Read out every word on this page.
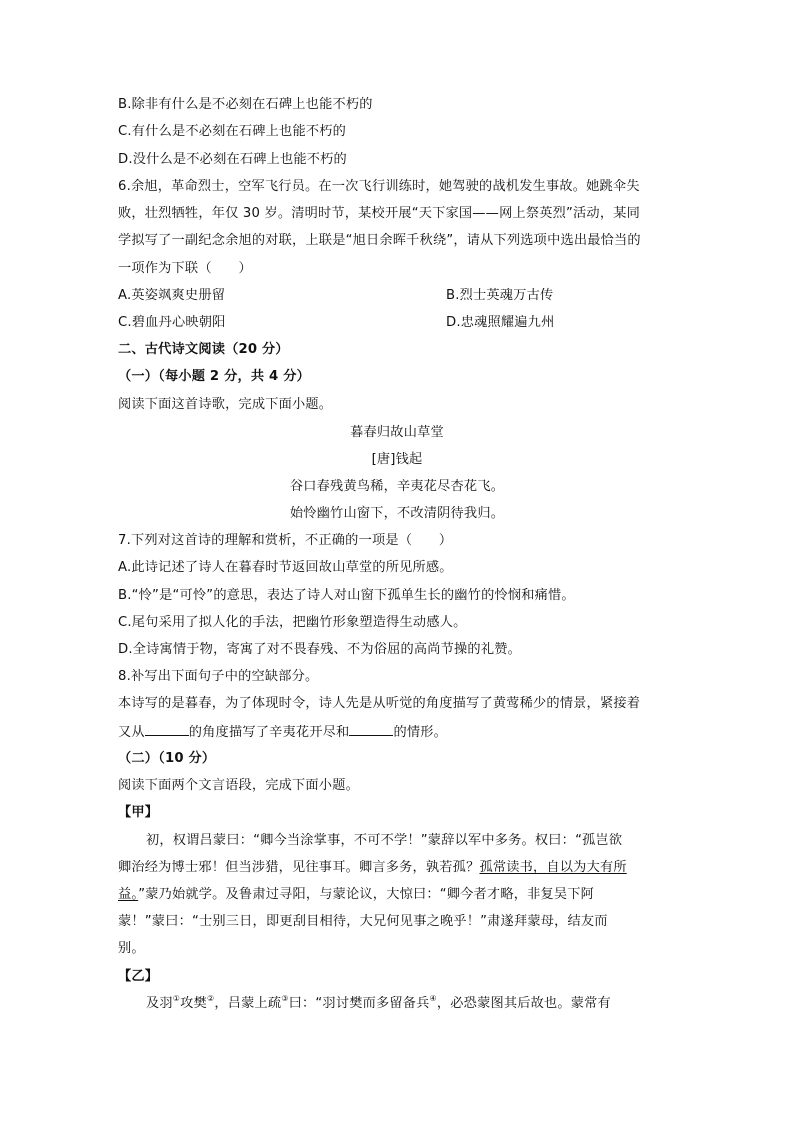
B.除非有什么是不必刻在石碑上也能不朽的
C.有什么是不必刻在石碑上也能不朽的
D.没什么是不必刻在石碑上也能不朽的
6.余旭，革命烈士，空军飞行员。在一次飞行训练时，她驾驶的战机发生事故。她跳伞失
败，壮烈牺牲，年仅 30 岁。清明时节，某校开展“天下家国——网上祭英烈”活动，某同
学拟写了一副纪念余旭的对联，上联是“旭日余晖千秋绕”，请从下列选项中选出最恰当的
一项作为下联（　　）
A.英姿飒爽史册留	B.烈士英魂万古传
C.碧血丹心映朝阳	D.忠魂照耀遍九州
二、古代诗文阅读（20 分）
（一）（每小题 2 分，共 4 分）
阅读下面这首诗歌，完成下面小题。
暮春归故山草堂
[唐]钱起
谷口春残黄鸟稀，辛夷花尽杏花飞。
始怜幽竹山窗下，不改清阴待我归。
7.下列对这首诗的理解和赏析，不正确的一项是（　　）
A.此诗记述了诗人在暮春时节返回故山草堂的所见所感。
B.“怜”是“可怜”的意思，表达了诗人对山窗下孤单生长的幽竹的怜悯和痛惜。
C.尾句采用了拟人化的手法，把幽竹形象塑造得生动感人。
D.全诗寓情于物，寄寓了对不畏春残、不为俗屈的高尚节操的礼赞。
8.补写出下面句子中的空缺部分。
本诗写的是暮春，为了体现时令，诗人先是从听觉的角度描写了黄莺稀少的情景，紧接着
又从	的角度描写了辛夷花开尽和	的情形。
（二）（10 分）
阅读下面两个文言语段，完成下面小题。
【甲】
初，权谓吕蒙曰：“卿今当涂掌事，不可不学！”蒙辞以军中多务。权曰：“孤岂欲
卿治经为博士邪！但当涉猎，见往事耳。卿言多务，孰若孤？孤常读书，自以为大有所
益。”蒙乃始就学。及鲁肃过寻阳，与蒙论议，大惊曰：“卿今者才略，非复吴下阿
蒙！”蒙曰：“士别三日，即更刮目相待，大兄何见事之晚乎！”肃遂拜蒙母，结友而
别。
【乙】
及羽①攻樊②，吕蒙上疏③曰：“羽讨樊而多留备兵④，必恐蒙图其后故也。蒙常有
